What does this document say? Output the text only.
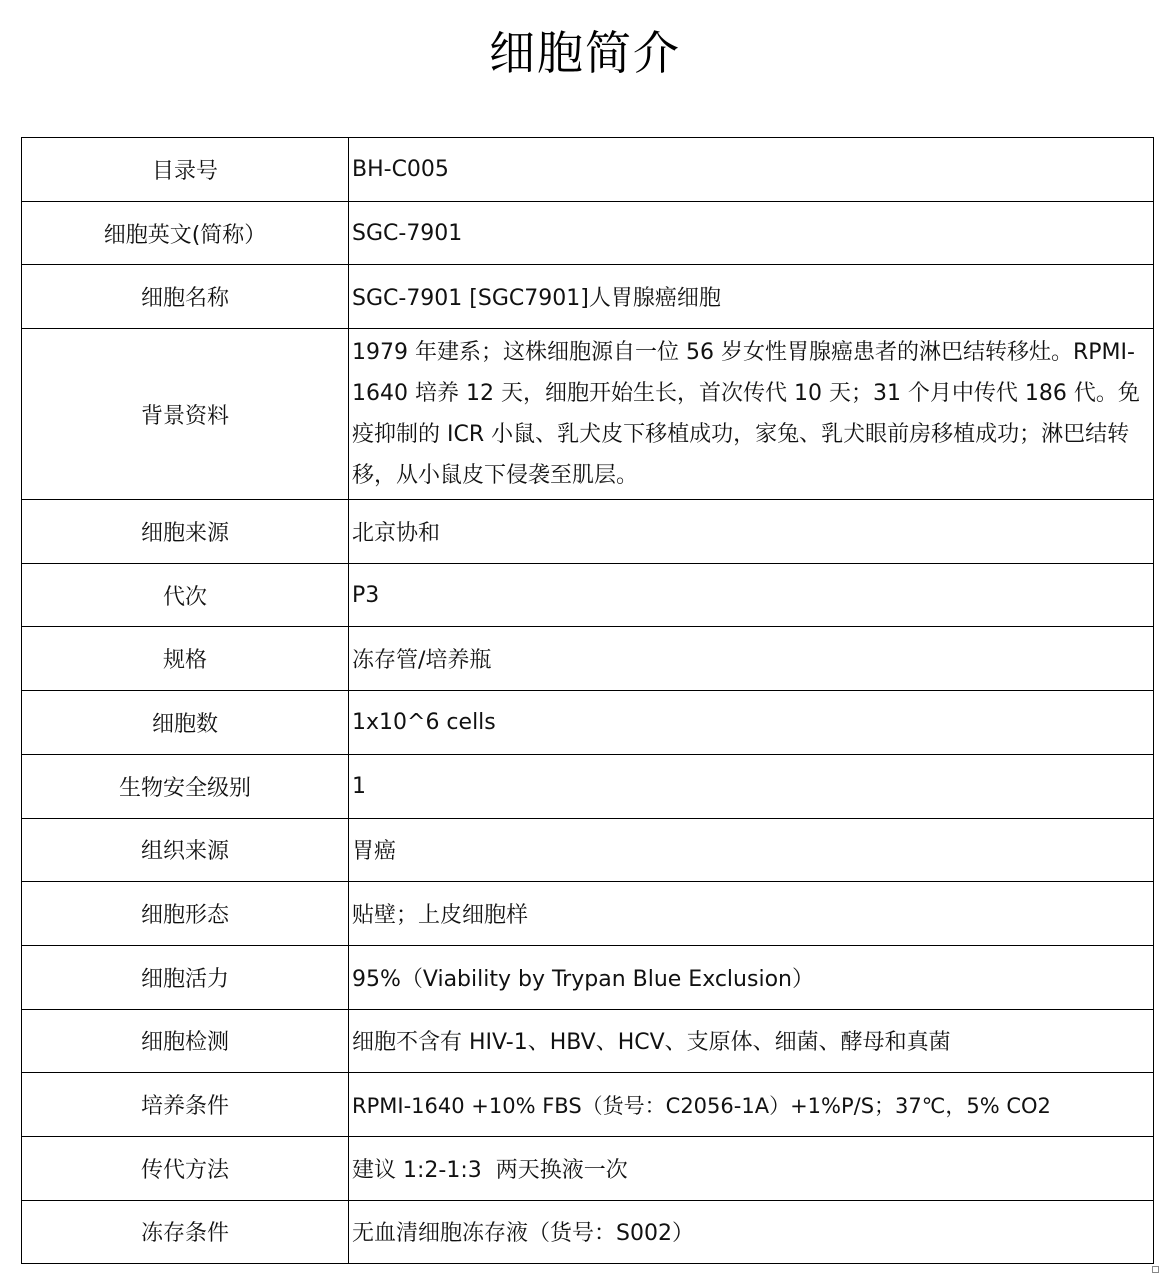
细胞简介
目录号	BH-C005
细胞英文(简称）	SGC-7901
细胞名称	SGC-7901 [SGC7901]人胃腺癌细胞
背景资料	1979 年建系；这株细胞源自一位 56 岁女性胃腺癌患者的淋巴结转移灶。RPMI-1640 培养 12 天，细胞开始生长，首次传代 10 天；31 个月中传代 186 代。免疫抑制的 ICR 小鼠、乳犬皮下移植成功，家兔、乳犬眼前房移植成功；淋巴结转移，从小鼠皮下侵袭至肌层。
细胞来源	北京协和
代次	P3
规格	冻存管/培养瓶
细胞数	1x10^6 cells
生物安全级别	1
组织来源	胃癌
细胞形态	贴壁；上皮细胞样
细胞活力	95%（Viability by Trypan Blue Exclusion）
细胞检测	细胞不含有 HIV-1、HBV、HCV、支原体、细菌、酵母和真菌
培养条件	RPMI-1640 +10% FBS（货号：C2056-1A）+1%P/S；37℃，5% CO2
传代方法	建议 1:2-1:3  两天换液一次
冻存条件	无血清细胞冻存液（货号：S002）
